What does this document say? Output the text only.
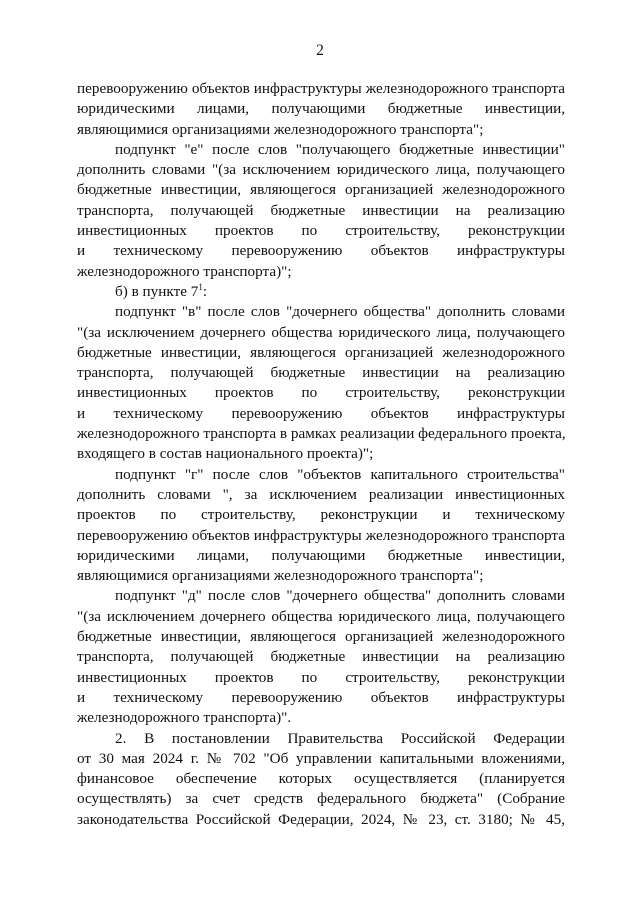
2
перевооружению объектов инфраструктуры железнодорожного транспорта
юридическими лицами, получающими бюджетные инвестиции,
являющимися организациями железнодорожного транспорта";
подпункт "е" после слов "получающего бюджетные инвестиции"
дополнить словами "(за исключением юридического лица, получающего
бюджетные инвестиции, являющегося организацией железнодорожного
транспорта, получающей бюджетные инвестиции на реализацию
инвестиционных проектов по строительству, реконструкции
и техническому перевооружению объектов инфраструктуры
железнодорожного транспорта)";
б) в пункте $7^1$:
подпункт "в" после слов "дочернего общества" дополнить словами
"(за исключением дочернего общества юридического лица, получающего
бюджетные инвестиции, являющегося организацией железнодорожного
транспорта, получающей бюджетные инвестиции на реализацию
инвестиционных проектов по строительству, реконструкции
и техническому перевооружению объектов инфраструктуры
железнодорожного транспорта в рамках реализации федерального проекта,
входящего в состав национального проекта)";
подпункт "г" после слов "объектов капитального строительства"
дополнить словами ", за исключением реализации инвестиционных
проектов по строительству, реконструкции и техническому
перевооружению объектов инфраструктуры железнодорожного транспорта
юридическими лицами, получающими бюджетные инвестиции,
являющимися организациями железнодорожного транспорта";
подпункт "д" после слов "дочернего общества" дополнить словами
"(за исключением дочернего общества юридического лица, получающего
бюджетные инвестиции, являющегося организацией железнодорожного
транспорта, получающей бюджетные инвестиции на реализацию
инвестиционных проектов по строительству, реконструкции
и техническому перевооружению объектов инфраструктуры
железнодорожного транспорта)".
2. В постановлении Правительства Российской Федерации
от 30 мая 2024 г. № 702 "Об управлении капитальными вложениями,
финансовое обеспечение которых осуществляется (планируется
осуществлять) за счет средств федерального бюджета" (Собрание
законодательства Российской Федерации, 2024, № 23, ст. 3180; № 45,
